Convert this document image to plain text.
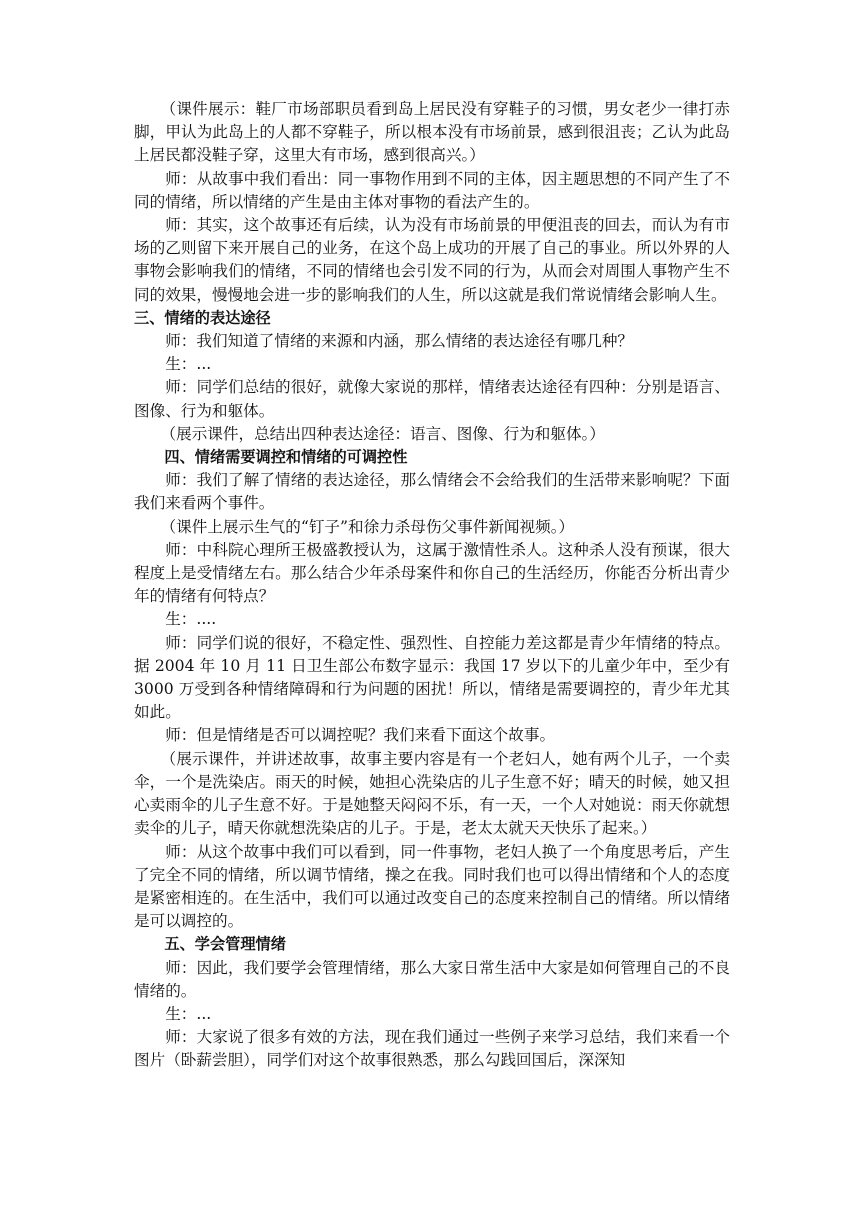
（课件展示：鞋厂市场部职员看到岛上居民没有穿鞋子的习惯，男女老少一律打赤脚，甲认为此岛上的人都不穿鞋子，所以根本没有市场前景，感到很沮丧；乙认为此岛上居民都没鞋子穿，这里大有市场，感到很高兴。）

师：从故事中我们看出：同一事物作用到不同的主体，因主题思想的不同产生了不同的情绪，所以情绪的产生是由主体对事物的看法产生的。

师：其实，这个故事还有后续，认为没有市场前景的甲便沮丧的回去，而认为有市场的乙则留下来开展自己的业务，在这个岛上成功的开展了自己的事业。所以外界的人事物会影响我们的情绪，不同的情绪也会引发不同的行为，从而会对周围人事物产生不同的效果，慢慢地会进一步的影响我们的人生，所以这就是我们常说情绪会影响人生。

三、情绪的表达途径

师：我们知道了情绪的来源和内涵，那么情绪的表达途径有哪几种？

生：...

师：同学们总结的很好，就像大家说的那样，情绪表达途径有四种：分别是语言、图像、行为和躯体。

（展示课件，总结出四种表达途径：语言、图像、行为和躯体。）

四、情绪需要调控和情绪的可调控性

师：我们了解了情绪的表达途径，那么情绪会不会给我们的生活带来影响呢？下面我们来看两个事件。

（课件上展示生气的“钉子”和徐力杀母伤父事件新闻视频。）

师：中科院心理所王极盛教授认为，这属于激情性杀人。这种杀人没有预谋，很大程度上是受情绪左右。那么结合少年杀母案件和你自己的生活经历，你能否分析出青少年的情绪有何特点？

生：....

师：同学们说的很好，不稳定性、强烈性、自控能力差这都是青少年情绪的特点。据 2004 年 10 月 11 日卫生部公布数字显示：我国 17 岁以下的儿童少年中，至少有 3000 万受到各种情绪障碍和行为问题的困扰！所以，情绪是需要调控的，青少年尤其如此。

师：但是情绪是否可以调控呢？我们来看下面这个故事。

（展示课件，并讲述故事，故事主要内容是有一个老妇人，她有两个儿子，一个卖伞，一个是洗染店。雨天的时候，她担心洗染店的儿子生意不好；晴天的时候，她又担心卖雨伞的儿子生意不好。于是她整天闷闷不乐，有一天，一个人对她说：雨天你就想卖伞的儿子，晴天你就想洗染店的儿子。于是，老太太就天天快乐了起来。）

师：从这个故事中我们可以看到，同一件事物，老妇人换了一个角度思考后，产生了完全不同的情绪，所以调节情绪，操之在我。同时我们也可以得出情绪和个人的态度是紧密相连的。在生活中，我们可以通过改变自己的态度来控制自己的情绪。所以情绪是可以调控的。

五、学会管理情绪

师：因此，我们要学会管理情绪，那么大家日常生活中大家是如何管理自己的不良情绪的。

生：...

师：大家说了很多有效的方法，现在我们通过一些例子来学习总结，我们来看一个图片（卧薪尝胆），同学们对这个故事很熟悉，那么勾践回国后，深深知
